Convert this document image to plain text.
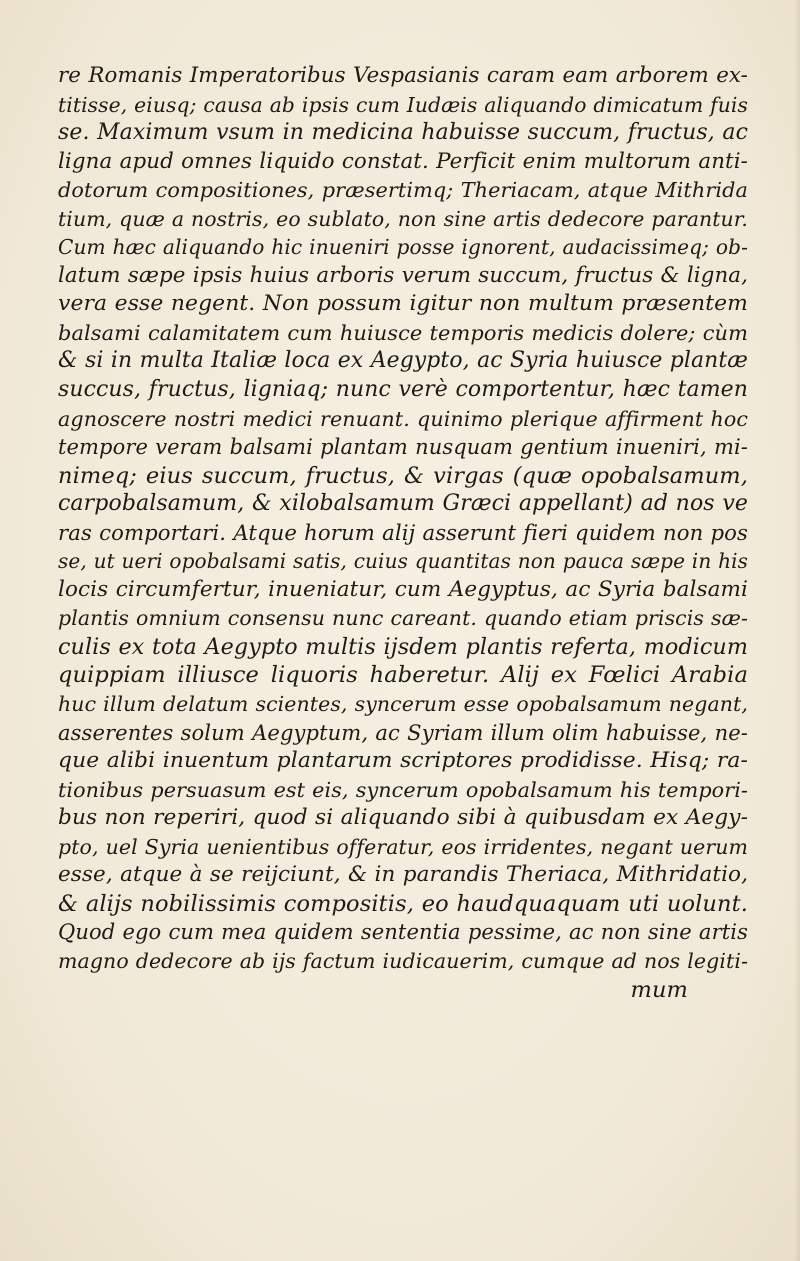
re Romanis Imperatoribus Vespasianis caram eam arborem ex-
titisse, eiusq; causa ab ipsis cum Iudæis aliquando dimicatum fuis
se. Maximum vsum in medicina habuisse succum, fructus, ac
ligna apud omnes liquido constat. Perficit enim multorum anti-
dotorum compositiones, præsertimq; Theriacam, atque Mithrida
tium, quæ a nostris, eo sublato, non sine artis dedecore parantur.
Cum hæc aliquando hic inueniri posse ignorent, audacissimeq; ob-
latum sæpe ipsis huius arboris verum succum, fructus & ligna,
vera esse negent. Non possum igitur non multum præsentem
balsami calamitatem cum huiusce temporis medicis dolere; cùm
& si in multa Italiæ loca ex Aegypto, ac Syria huiusce plantæ
succus, fructus, ligniaq; nunc verè comportentur, hæc tamen
agnoscere nostri medici renuant. quinimo plerique affirment hoc
tempore veram balsami plantam nusquam gentium inueniri, mi-
nimeq; eius succum, fructus, & virgas (quæ opobalsamum,
carpobalsamum, & xilobalsamum Græci appellant) ad nos ve
ras comportari. Atque horum alij asserunt fieri quidem non pos
se, ut ueri opobalsami satis, cuius quantitas non pauca sæpe in his
locis circumfertur, inueniatur, cum Aegyptus, ac Syria balsami
plantis omnium consensu nunc careant. quando etiam priscis sæ-
culis ex tota Aegypto multis ijsdem plantis referta, modicum
quippiam illiusce liquoris haberetur. Alij ex Fœlici Arabia
huc illum delatum scientes, syncerum esse opobalsamum negant,
asserentes solum Aegyptum, ac Syriam illum olim habuisse, ne-
que alibi inuentum plantarum scriptores prodidisse. Hisq; ra-
tionibus persuasum est eis, syncerum opobalsamum his tempori-
bus non reperiri, quod si aliquando sibi à quibusdam ex Aegy-
pto, uel Syria uenientibus offeratur, eos irridentes, negant uerum
esse, atque à se reijciunt, & in parandis Theriaca, Mithridatio,
& alijs nobilissimis compositis, eo haudquaquam uti uolunt.
Quod ego cum mea quidem sententia pessime, ac non sine artis
magno dedecore ab ijs factum iudicauerim, cumque ad nos legiti-
mum
